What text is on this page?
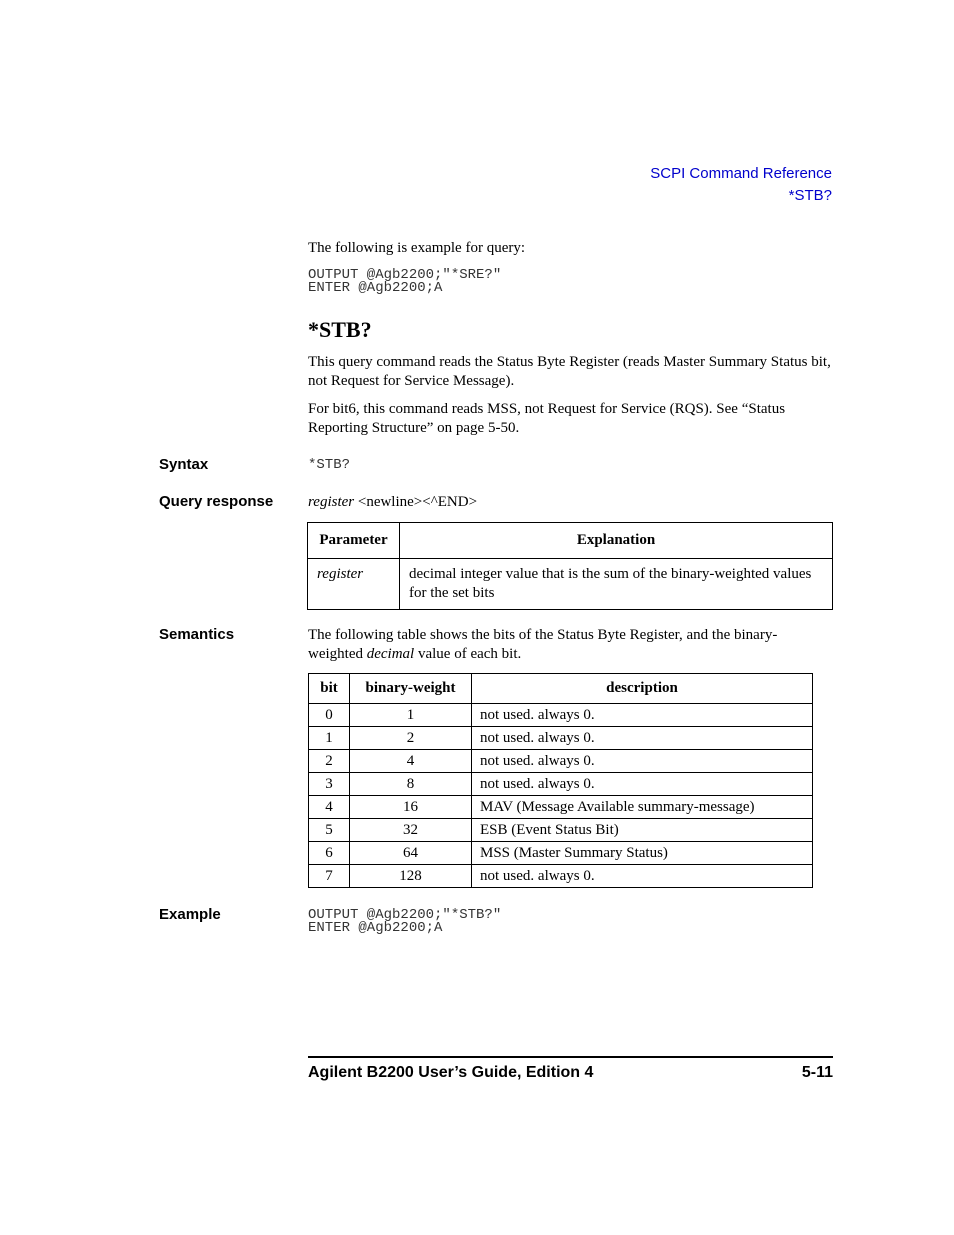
SCPI Command Reference
*STB?
The following is example for query:
OUTPUT @Agb2200;"*SRE?"
ENTER @Agb2200;A
*STB?
This query command reads the Status Byte Register (reads Master Summary Status bit, not Request for Service Message).
For bit6, this command reads MSS, not Request for Service (RQS). See “Status Reporting Structure” on page 5-50.
Syntax	*STB?
Query response register <newline><^END>
Parameter	Explanation
register	decimal integer value that is the sum of the binary-weighted values for the set bits
Semantics	The following table shows the bits of the Status Byte Register, and the binary-weighted decimal value of each bit.
bit	binary-weight	description
0	1	not used. always 0.
1	2	not used. always 0.
2	4	not used. always 0.
3	8	not used. always 0.
4	16	MAV (Message Available summary-message)
5	32	ESB (Event Status Bit)
6	64	MSS (Master Summary Status)
7	128	not used. always 0.
Example	OUTPUT @Agb2200;"*STB?"
ENTER @Agb2200;A
Agilent B2200 User’s Guide, Edition 4	5-11
